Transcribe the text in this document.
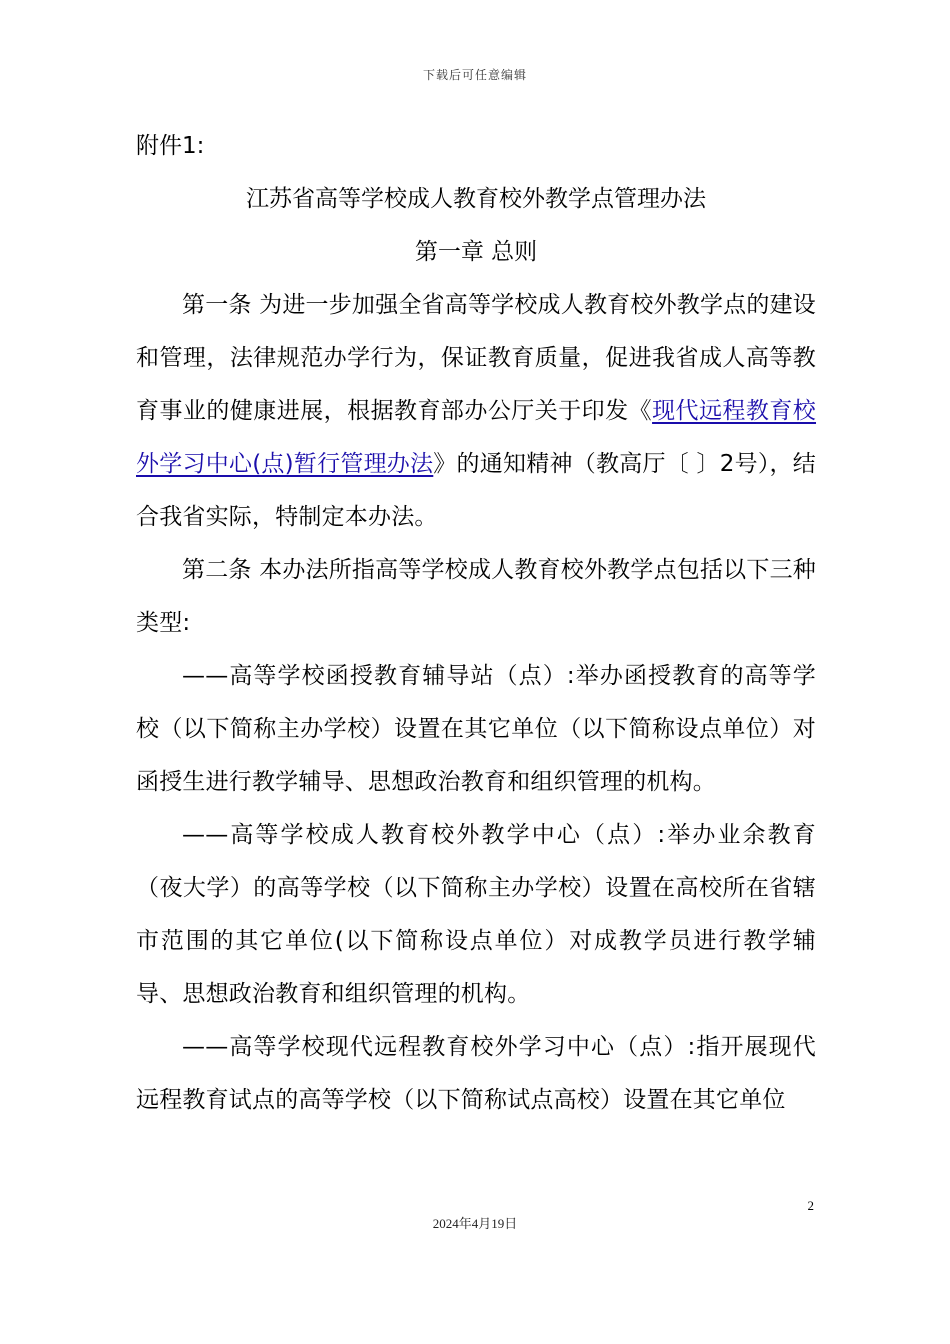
下载后可任意编辑

附件1:

江苏省高等学校成人教育校外教学点管理办法

第一章 总则

第一条 为进一步加强全省高等学校成人教育校外教学点的建设和管理，法律规范办学行为，保证教育质量，促进我省成人高等教育事业的健康进展，根据教育部办公厅关于印发《现代远程教育校外学习中心(点)暂行管理办法》的通知精神（教高厅〔 〕2号），结合我省实际，特制定本办法。

第二条 本办法所指高等学校成人教育校外教学点包括以下三种类型:

——高等学校函授教育辅导站（点）:举办函授教育的高等学校（以下简称主办学校）设置在其它单位（以下简称设点单位）对函授生进行教学辅导、思想政治教育和组织管理的机构。

——高等学校成人教育校外教学中心（点）:举办业余教育（夜大学）的高等学校（以下简称主办学校）设置在高校所在省辖市范围的其它单位(以下简称设点单位）对成教学员进行教学辅导、思想政治教育和组织管理的机构。

——高等学校现代远程教育校外学习中心（点）:指开展现代远程教育试点的高等学校（以下简称试点高校）设置在其它单位

2
2024年4月19日
